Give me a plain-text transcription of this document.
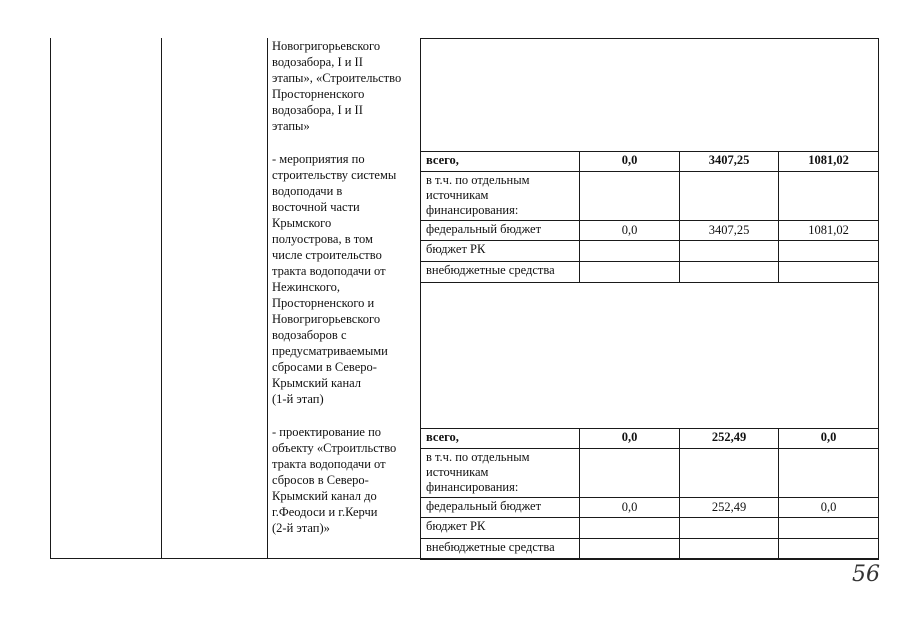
Новогригорьевского
водозабора, I и II
этапы», «Строительство
Просторненского
водозабора, I и II
этапы»
- мероприятия по
строительству системы
водоподачи в
восточной части
Крымского
полуострова, в том
числе строительство
тракта водоподачи от
Нежинского,
Просторненского и
Новогригорьевского
водозаборов с
предусматриваемыми
сбросами в Северо-
Крымский канал
(1-й этап)
всего,	0,0	3407,25	1081,02
в т.ч. по отдельным
источникам
финансирования:
федеральный бюджет	0,0	3407,25	1081,02
бюджет РК
внебюджетные средства
- проектирование по
объекту «Строитльство
тракта водоподачи от
сбросов в Северо-
Крымский канал до
г.Феодоси и г.Керчи
(2-й этап)»
всего,	0,0	252,49	0,0
в т.ч. по отдельным
источникам
финансирования:
федеральный бюджет	0,0	252,49	0,0
бюджет РК
внебюджетные средства
56
